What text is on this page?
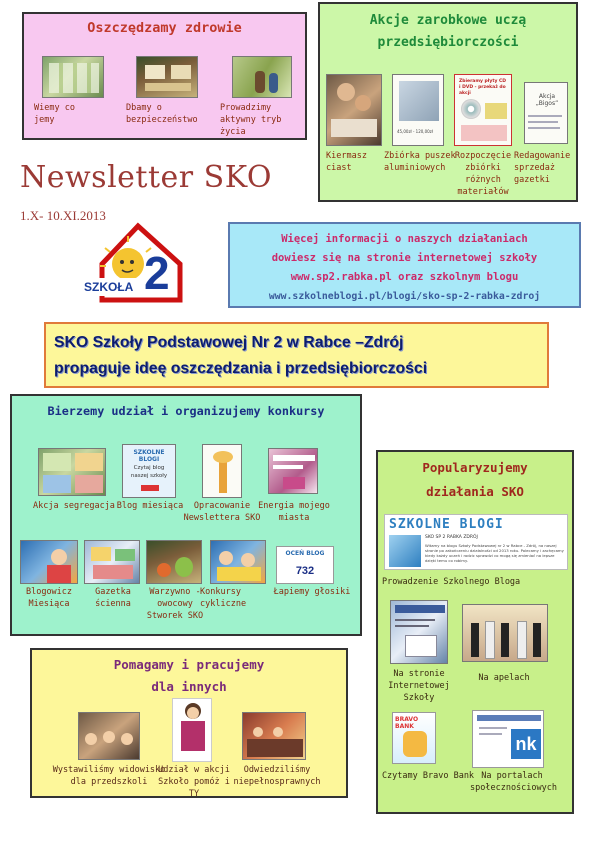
Oszczędzamy zdrowie
Wiemy co
jemy
Dbamy o
bezpieczeństwo
Prowadzimy
aktywny tryb życia
Akcje zarobkowe uczą
przedsiębiorczości
Kiermasz
ciast
45,00zł - 120,00zł
Zbiórka puszek
aluminiowych
Zbieramy płyty CD i DVD - przekaż do akcji
Rozpoczęcie
zbiórki
różnych
materiałów
Akcja „Bigos”
Redagowanie
sprzedaż
gazetki
Newsletter SKO
1.X- 10.XI.2013
SZKOŁA 2
Więcej informacji o naszych działaniach
dowiesz się na stronie internetowej szkoły
www.sp2.rabka.pl oraz szkolnym blogu
www.szkolneblogi.pl/blogi/sko-sp-2-rabka-zdroj
SKO Szkoły Podstawowej Nr 2 w Rabce –Zdrój
propaguje ideę oszczędzania i przedsiębiorczości
Bierzemy udział i organizujemy konkursy
Akcja segregacja
SZKOLNE BLOGI
Czytaj blog
naszej szkoły
Blog miesiąca	Opracowanie
Newslettera SKO
Energia mojego
miasta
Blogowicz
Miesiąca
Gazetka
ścienna
Warzywno -
owocowy
Stworek SKO
Konkursy
cykliczne
OCEŃ BLOG
732
Łapiemy głosiki
Popularyzujemy
działania SKO
SZKOLNE BLOGI
SKO SP 2 RABKA ZDRÓJ
Witamy na blogu Szkoły Podstawowej nr 2 w Rabce - Zdrój, na naszej
stronie po zakończeniu działalności od 2013 roku. Polecamy i zachęcamy
kiedy każdy uczeń i rodzic sprawdzi co mogą się zmieniać na lepsze
dzięki temu co robimy.
Prowadzenie Szkolnego Bloga
Na stronie
Internetowej
Szkoły
Na apelach
BRAVO BANK
Czytamy Bravo Bank
nk
Na portalach
społecznościowych
Pomagamy i pracujemy
dla innych
Wystawiliśmy widowisko
dla przedszkoli
Udział w akcji
Szkoło pomóż i TY
Odwiedziliśmy
niepełnosprawnych
